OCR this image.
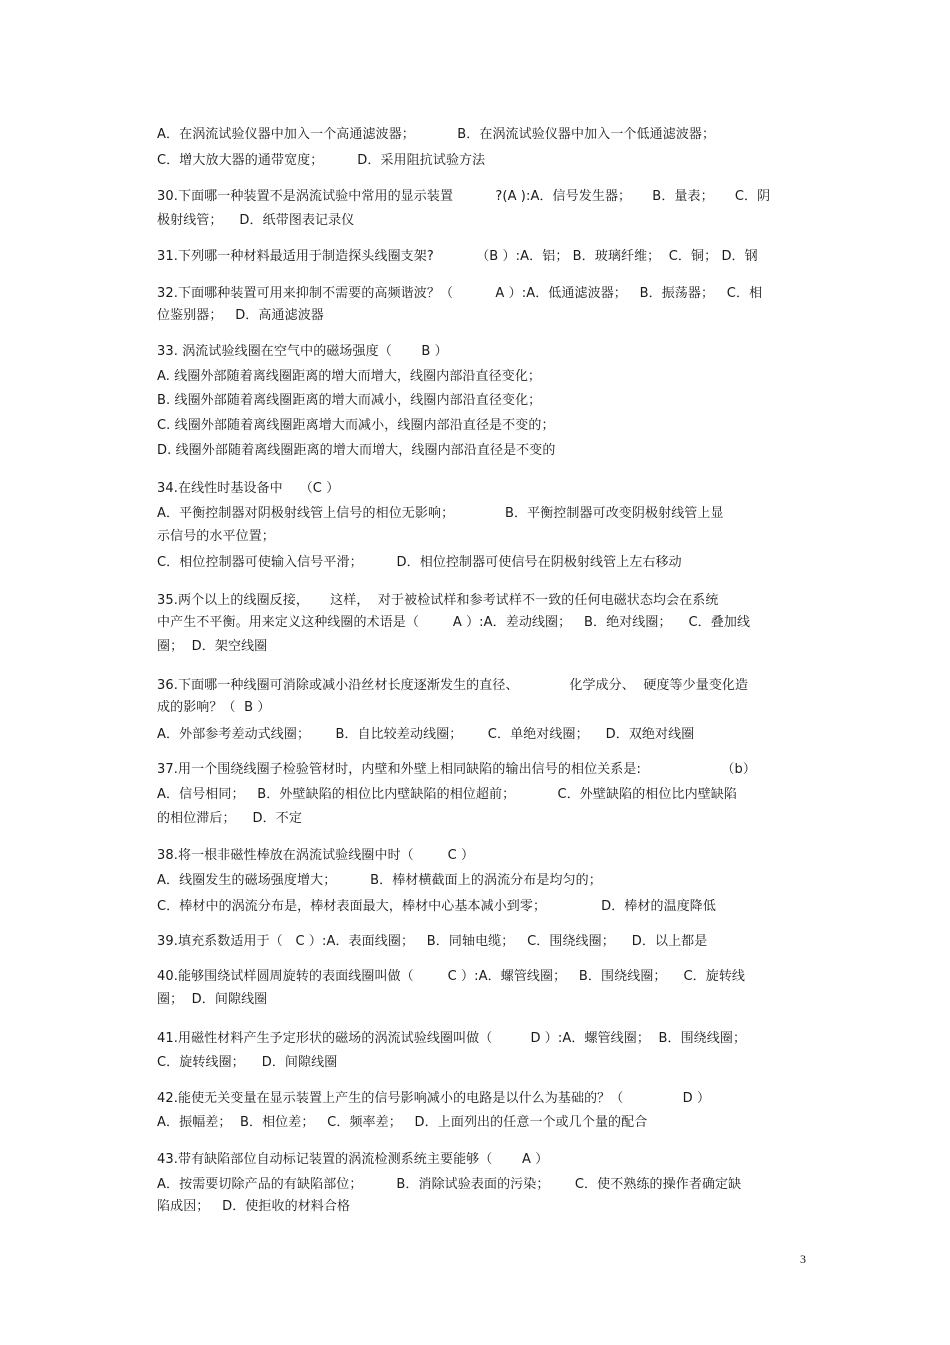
A．在涡流试验仪器中加入一个高通滤波器；          B．在涡流试验仪器中加入一个低通滤波器；
C．增大放大器的通带宽度；        D．采用阻抗试验方法
30.下面哪一种装置不是涡流试验中常用的显示装置          ?(A ):A．信号发生器；     B．量表；     C．阴
极射线管；    D．纸带图表记录仪
31.下列哪一种材料最适用于制造探头线圈支架?          （B ）:A．铝； B．玻璃纤维；  C．铜； D．钢
32.下面哪种装置可用来抑制不需要的高频谐波？（          A ）:A．低通滤波器；   B．振荡器；   C．相
位鉴别器；   D．高通滤波器
33. 涡流试验线圈在空气中的磁场强度（       B ）
A. 线圈外部随着离线圈距离的增大而增大，线圈内部沿直径变化；
B. 线圈外部随着离线圈距离的增大而减小，线圈内部沿直径变化；
C. 线圈外部随着离线圈距离增大而减小，线圈内部沿直径是不变的；
D. 线圈外部随着离线圈距离的增大而增大，线圈内部沿直径是不变的
34.在线性时基设备中    （C ）
A．平衡控制器对阴极射线管上信号的相位无影响；            B．平衡控制器可改变阴极射线管上显
示信号的水平位置；
C．相位控制器可使输入信号平滑；        D．相位控制器可使信号在阴极射线管上左右移动
35.两个以上的线圈反接，     这样，  对于被检试样和参考试样不一致的任何电磁状态均会在系统
中产生不平衡。用来定义这种线圈的术语是（        A ）:A．差动线圈；   B．绝对线圈；    C．叠加线
圈；  D．架空线圈
36.下面哪一种线圈可消除或减小沿丝材长度逐渐发生的直径、            化学成分、  硬度等少量变化造
成的影响？（  B ）
A．外部参考差动式线圈；      B．自比较差动线圈；      C．单绝对线圈；    D．双绝对线圈
37.用一个围绕线圈子检验管材时，内壁和外壁上相同缺陷的输出信号的相位关系是:                   （b）
A．信号相同；   B．外壁缺陷的相位比内壁缺陷的相位超前；          C．外壁缺陷的相位比内壁缺陷
的相位滞后；    D．不定
38.将一根非磁性棒放在涡流试验线圈中时（        C ）
A．线圈发生的磁场强度增大；        B．棒材横截面上的涡流分布是均匀的；
C．棒材中的涡流分布是，棒材表面最大，棒材中心基本减小到零；             D．棒材的温度降低
39.填充系数适用于（   C ）:A．表面线圈；   B．同轴电缆；   C．围绕线圈；    D．以上都是
40.能够围绕试样圆周旋转的表面线圈叫做（        C ）:A．螺管线圈；   B．围绕线圈；    C．旋转线
圈；  D．间隙线圈
41.用磁性材料产生予定形状的磁场的涡流试验线圈叫做（         D ）:A．螺管线圈；  B．围绕线圈；
C．旋转线圈；    D．间隙线圈
42.能使无关变量在显示装置上产生的信号影响减小的电路是以什么为基础的？（              D ）
A．振幅差；  B．相位差；   C．频率差；   D．上面列出的任意一个或几个量的配合
43.带有缺陷部位自动标记装置的涡流检测系统主要能够（       A ）
A．按需要切除产品的有缺陷部位；        B．消除试验表面的污染；      C．使不熟练的操作者确定缺
陷成因；   D．使拒收的材料合格
3
